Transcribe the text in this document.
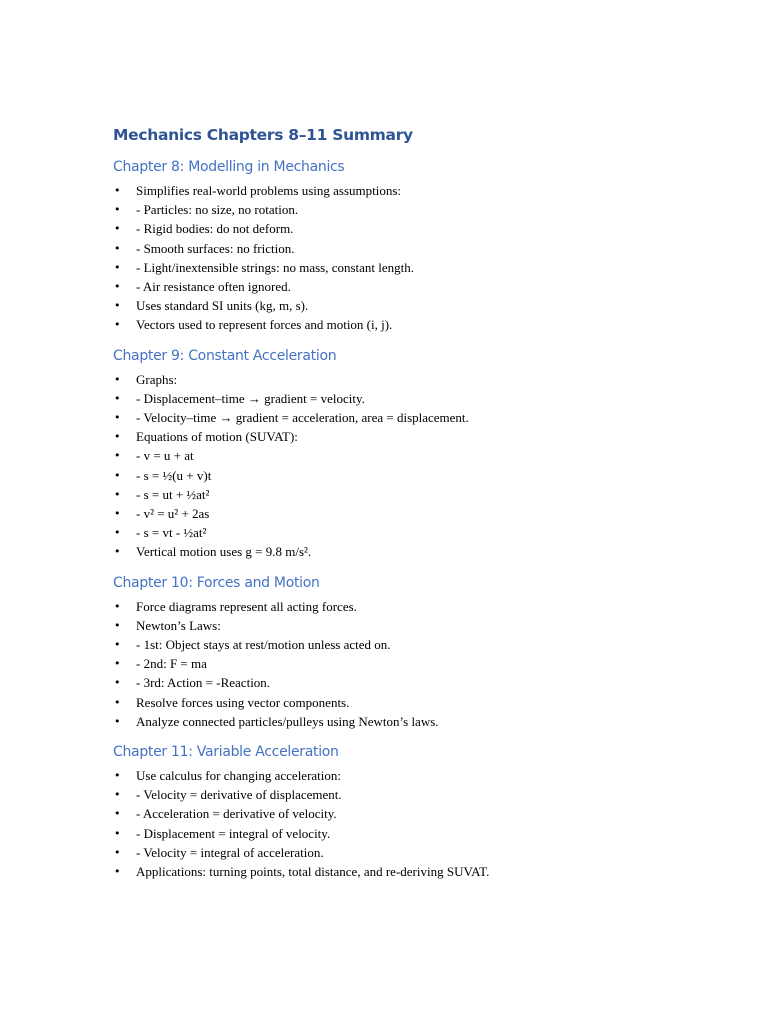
Mechanics Chapters 8–11 Summary
Chapter 8: Modelling in Mechanics
• Simplifies real-world problems using assumptions:
• - Particles: no size, no rotation.
• - Rigid bodies: do not deform.
• - Smooth surfaces: no friction.
• - Light/inextensible strings: no mass, constant length.
• - Air resistance often ignored.
• Uses standard SI units (kg, m, s).
• Vectors used to represent forces and motion (i, j).
Chapter 9: Constant Acceleration
• Graphs:
• - Displacement–time → gradient = velocity.
• - Velocity–time → gradient = acceleration, area = displacement.
• Equations of motion (SUVAT):
• - v = u + at
• - s = ½(u + v)t
• - s = ut + ½at²
• - v² = u² + 2as
• - s = vt - ½at²
• Vertical motion uses g = 9.8 m/s².
Chapter 10: Forces and Motion
• Force diagrams represent all acting forces.
• Newton’s Laws:
• - 1st: Object stays at rest/motion unless acted on.
• - 2nd: F = ma
• - 3rd: Action = -Reaction.
• Resolve forces using vector components.
• Analyze connected particles/pulleys using Newton’s laws.
Chapter 11: Variable Acceleration
• Use calculus for changing acceleration:
• - Velocity = derivative of displacement.
• - Acceleration = derivative of velocity.
• - Displacement = integral of velocity.
• - Velocity = integral of acceleration.
• Applications: turning points, total distance, and re-deriving SUVAT.
